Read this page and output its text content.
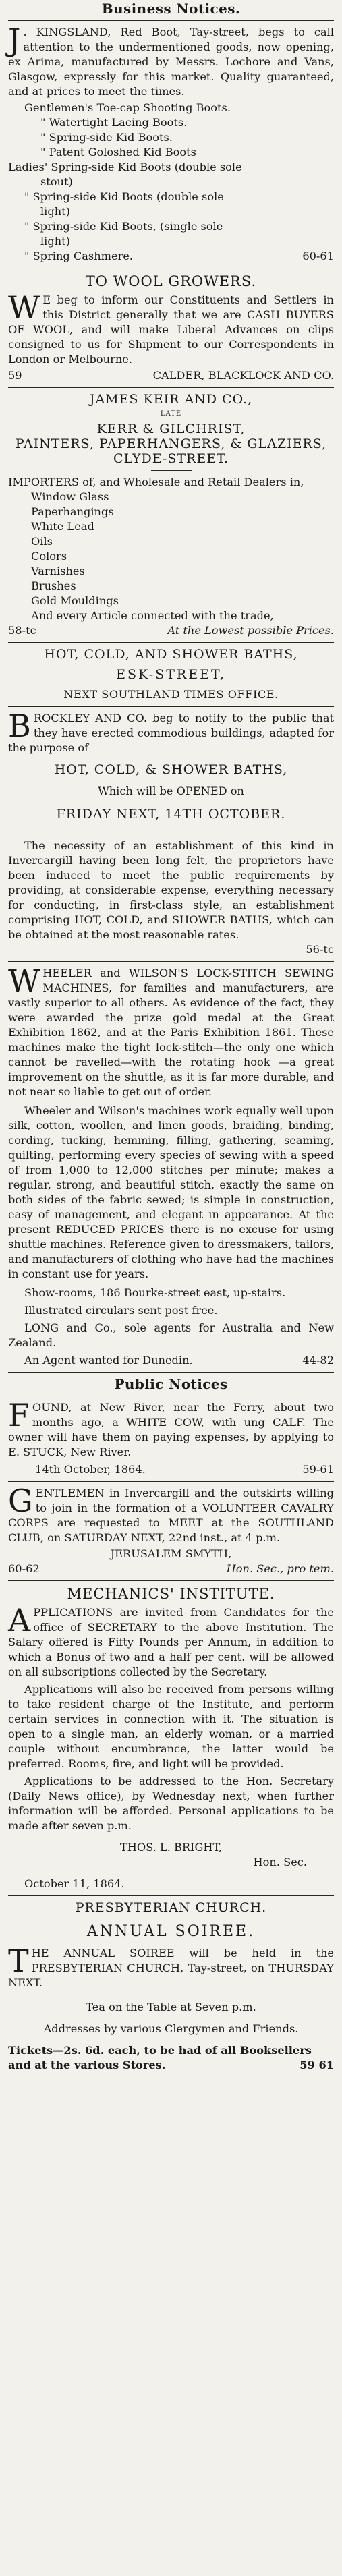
Business Notices.

J . KINGSLAND, Red Boot, Tay-street, begs to call attention to the undermentioned goods, now opening, ex Arima, manufactured by Messrs. Lochore and Vans, Glasgow, expressly for this market. Quality guaranteed, and at prices to meet the times.

Gentlemen's Toe-cap Shooting Boots.
" Watertight Lacing Boots.
" Spring-side Kid Boots.
" Patent Goloshed Kid Boots
Ladies' Spring-side Kid Boots (double sole
stout)
" Spring-side Kid Boots (double sole
light)
" Spring-side Kid Boots, (single sole
light)
" Spring Cashmere.	60-61
TO WOOL GROWERS.

W E beg to inform our Constituents and Settlers in this District generally that we are CASH BUYERS OF WOOL, and will make Liberal Advances on clips consigned to us for Shipment to our Correspondents in London or Melbourne.

59	CALDER, BLACKLOCK AND CO.
JAMES KEIR AND CO.,
LATE
KERR & GILCHRIST,
PAINTERS, PAPERHANGERS, & GLAZIERS,
CLYDE-STREET.

IMPORTERS of, and Wholesale and Retail Dealers in,

Window Glass
Paperhangings
White Lead
Oils
Colors
Varnishes
Brushes
Gold Mouldings
And every Article connected with the trade,
58-tc	At the Lowest possible Prices.
HOT, COLD, AND SHOWER BATHS,
ESK-STREET,
NEXT SOUTHLAND TIMES OFFICE.

BROCKLEY AND CO. beg to notify to the public that they have erected commodious buildings, adapted for the purpose of

HOT, COLD, & SHOWER BATHS,
Which will be OPENED on
FRIDAY NEXT, 14TH OCTOBER.

The necessity of an establishment of this kind in Invercargill having been long felt, the proprietors have been induced to meet the public requirements by providing, at considerable expense, everything necessary for conducting, in first-class style, an establishment comprising HOT, COLD, and SHOWER BATHS, which can be obtained at the most reasonable rates.

56-tc

WHEELER and WILSON'S LOCK-STITCH SEWING MACHINES, for families and manufacturers, are vastly superior to all others. As evidence of the fact, they were awarded the prize gold medal at the Great Exhibition 1862, and at the Paris Exhibition 1861. These machines make the tight lock-stitch—the only one which cannot be ravelled—with the rotating hook —a great improvement on the shuttle, as it is far more durable, and not near so liable to get out of order.

Wheeler and Wilson's machines work equally well upon silk, cotton, woollen, and linen goods, braiding, binding, cording, tucking, hemming, filling, gathering, seaming, quilting, performing every species of sewing with a speed of from 1,000 to 12,000 stitches per minute; makes a regular, strong, and beautiful stitch, exactly the same on both sides of the fabric sewed; is simple in construction, easy of management, and elegant in appearance. At the present REDUCED PRICES there is no excuse for using shuttle machines. Reference given to dressmakers, tailors, and manufacturers of clothing who have had the machines in constant use for years.

Show-rooms, 186 Bourke-street east, up-stairs.

Illustrated circulars sent post free.

LONG and Co., sole agents for Australia and New Zealand.

An Agent wanted for Dunedin.	44-82
Public Notices

FOUND, at New River, near the Ferry, about two months ago, a WHITE COW, with ung CALF. The owner will have them on paying expenses, by applying to E. STUCK, New River.

14th October, 1864.	59-61

GENTLEMEN in Invercargill and the outskirts willing to join in the formation of a VOLUNTEER CAVALRY CORPS are requested to MEET at the SOUTHLAND CLUB, on SATURDAY NEXT, 22nd inst., at 4 p.m.

JERUSALEM SMYTH,
60-62	Hon. Sec., pro tem.
MECHANICS' INSTITUTE.

APPLICATIONS are invited from Candidates for the office of SECRETARY to the above Institution. The Salary offered is Fifty Pounds per Annum, in addition to which a Bonus of two and a half per cent. will be allowed on all subscriptions collected by the Secretary.

Applications will also be received from persons willing to take resident charge of the Institute, and perform certain services in connection with it. The situation is open to a single man, an elderly woman, or a married couple without encumbrance, the latter would be preferred. Rooms, fire, and light will be provided.

Applications to be addressed to the Hon. Secretary (Daily News office), by Wednesday next, when further information will be afforded. Personal applications to be made after seven p.m.

THOS. L. BRIGHT,
Hon. Sec.
October 11, 1864.
PRESBYTERIAN CHURCH.
ANNUAL SOIREE.

THE ANNUAL SOIREE will be held in the PRESBYTERIAN CHURCH, Tay-street, on THURSDAY NEXT.

Tea on the Table at Seven p.m.
Addresses by various Clergymen and Friends.
Tickets—2s. 6d. each, to be had of all Booksellers and at the various Stores.	59 61
